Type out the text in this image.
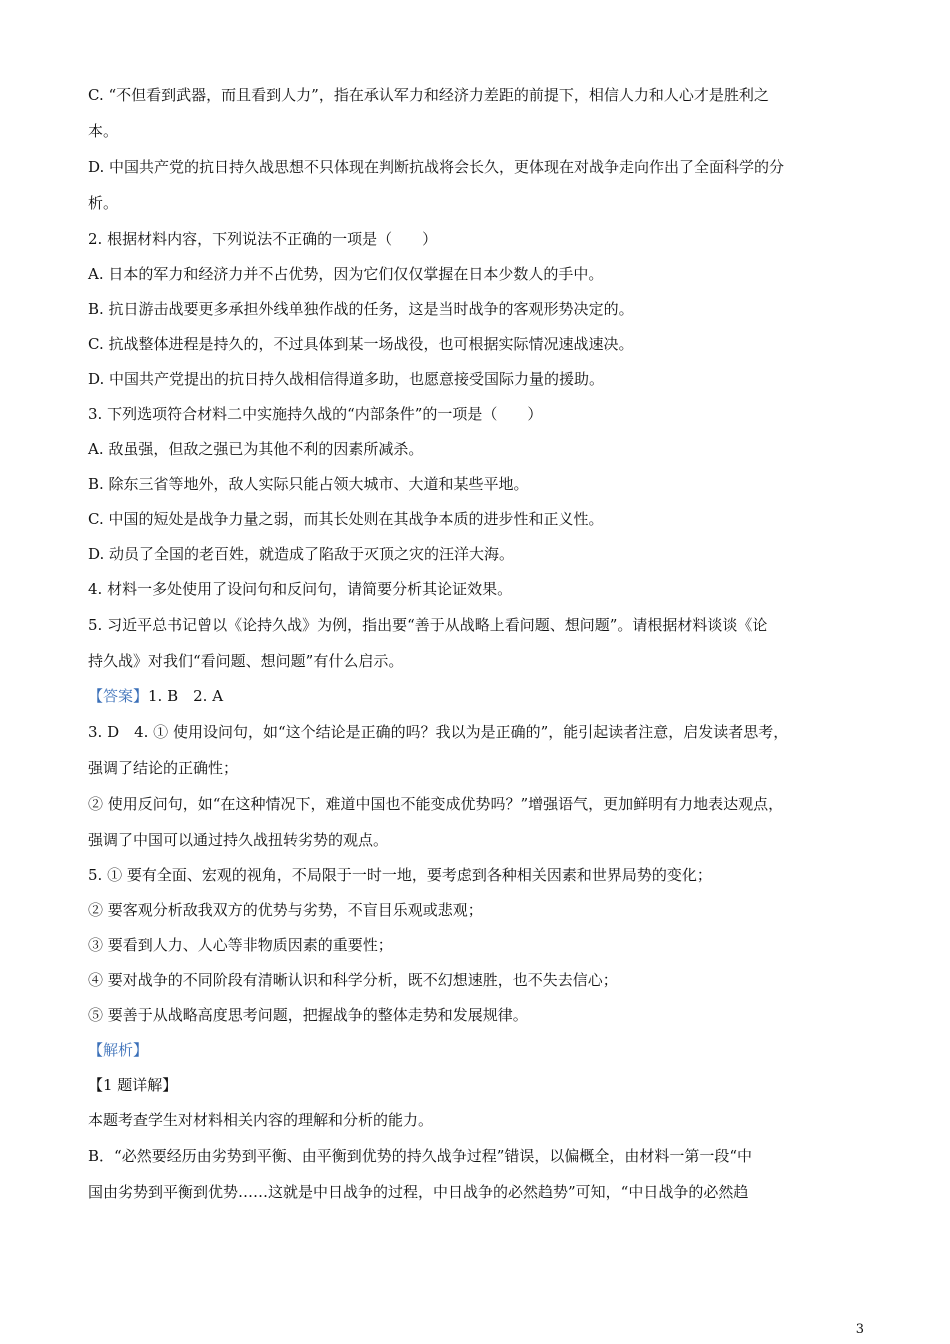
C. “不但看到武器，而且看到人力”，指在承认军力和经济力差距的前提下，相信人力和人心才是胜利之
本。
D. 中国共产党的抗日持久战思想不只体现在判断抗战将会长久，更体现在对战争走向作出了全面科学的分
析。
2. 根据材料内容，下列说法不正确的一项是（　　）
A. 日本的军力和经济力并不占优势，因为它们仅仅掌握在日本少数人的手中。
B. 抗日游击战要更多承担外线单独作战的任务，这是当时战争的客观形势决定的。
C. 抗战整体进程是持久的，不过具体到某一场战役，也可根据实际情况速战速决。
D. 中国共产党提出的抗日持久战相信得道多助，也愿意接受国际力量的援助。
3. 下列选项符合材料二中实施持久战的“内部条件”的一项是（　　）
A. 敌虽强，但敌之强已为其他不利的因素所减杀。
B. 除东三省等地外，敌人实际只能占领大城市、大道和某些平地。
C. 中国的短处是战争力量之弱，而其长处则在其战争本质的进步性和正义性。
D. 动员了全国的老百姓，就造成了陷敌于灭顶之灾的汪洋大海。
4. 材料一多处使用了设问句和反问句，请简要分析其论证效果。
5. 习近平总书记曾以《论持久战》为例，指出要“善于从战略上看问题、想问题”。请根据材料谈谈《论
持久战》对我们“看问题、想问题”有什么启示。
【答案】1. B　2. A
3. D　4. ① 使用设问句，如“这个结论是正确的吗？我以为是正确的”，能引起读者注意，启发读者思考，
强调了结论的正确性；
② 使用反问句，如“在这种情况下，难道中国也不能变成优势吗？”增强语气，更加鲜明有力地表达观点，
强调了中国可以通过持久战扭转劣势的观点。
5. ① 要有全面、宏观的视角，不局限于一时一地，要考虑到各种相关因素和世界局势的变化；
② 要客观分析敌我双方的优势与劣势，不盲目乐观或悲观；
③ 要看到人力、人心等非物质因素的重要性；
④ 要对战争的不同阶段有清晰认识和科学分析，既不幻想速胜，也不失去信心；
⑤ 要善于从战略高度思考问题，把握战争的整体走势和发展规律。
【解析】
【1 题详解】
本题考查学生对材料相关内容的理解和分析的能力。
B．“必然要经历由劣势到平衡、由平衡到优势的持久战争过程”错误，以偏概全，由材料一第一段“中
国由劣势到平衡到优势……这就是中日战争的过程，中日战争的必然趋势”可知，“中日战争的必然趋
3
